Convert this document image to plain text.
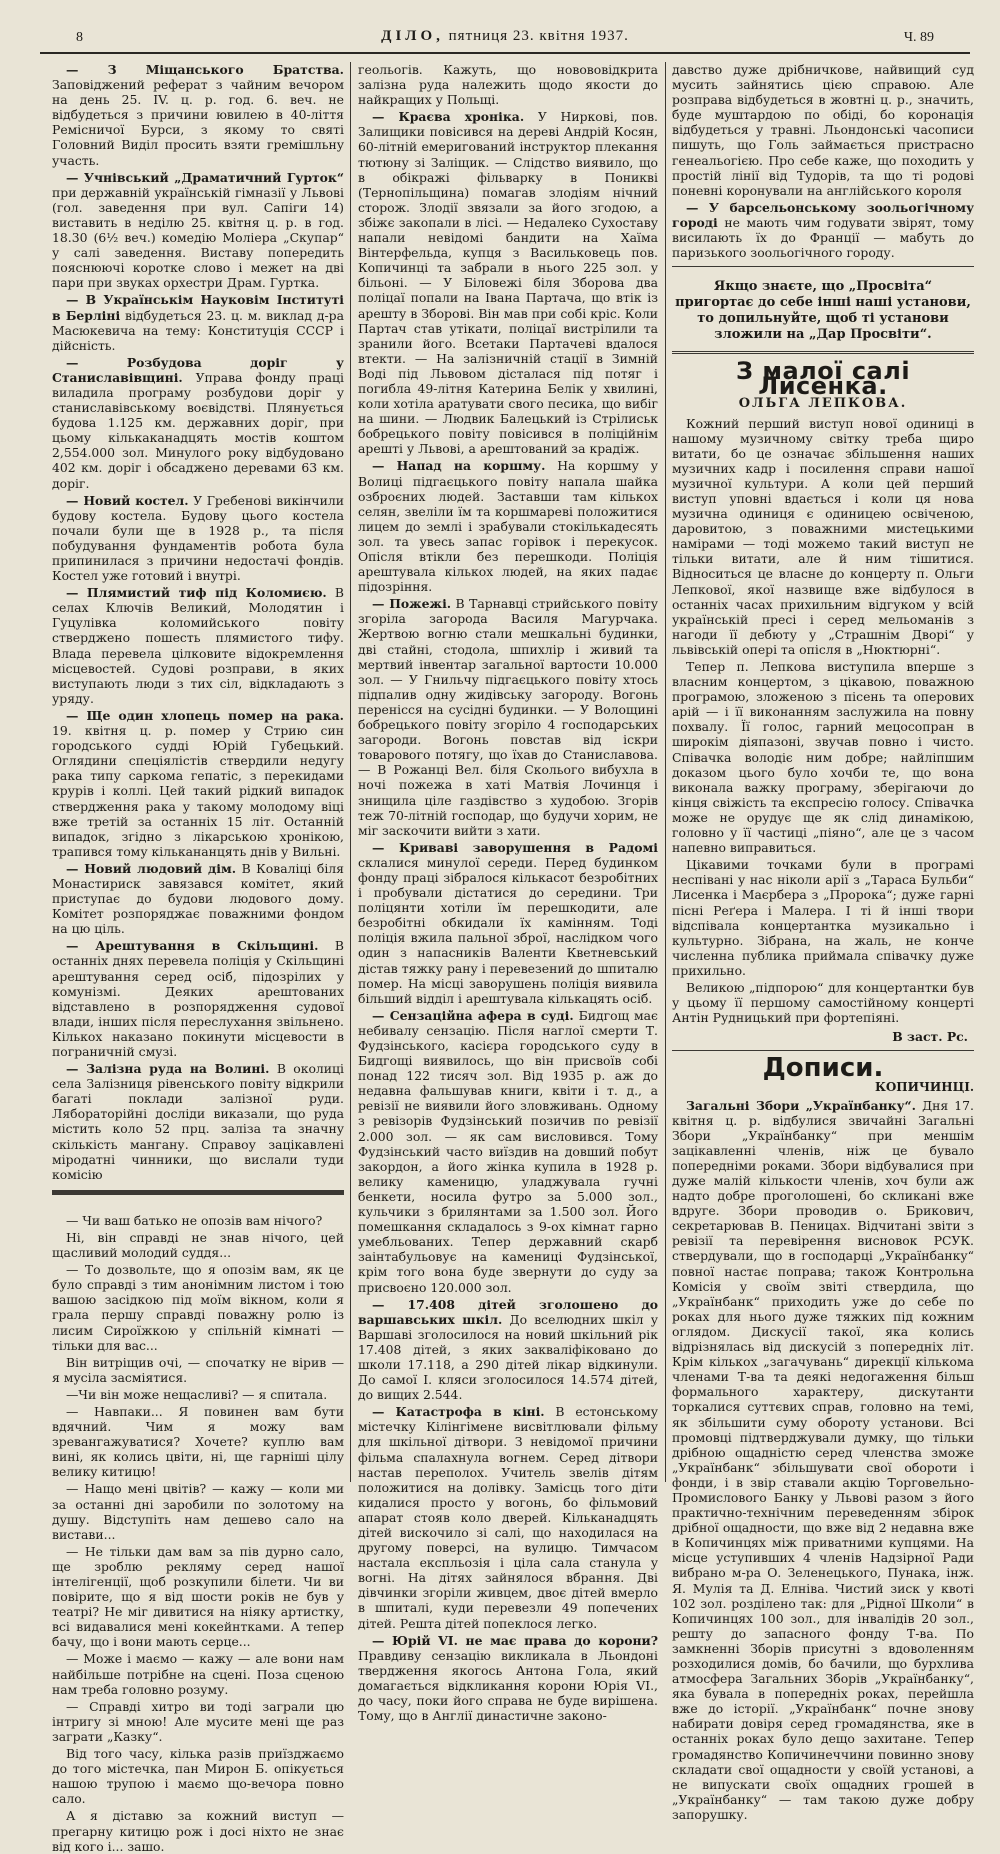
8	ДІЛО, пятниця 23. квітня 1937.	Ч. 89

— З Міщанського Братства. Заповіджений реферат з чайним вечором на день 25. IV. ц. р. год. 6. веч. не відбудеться з причини ювилею в 40-ліття Ремісничої Бурси, з якому то святі Головний Виділ просить взяти гремішльну участь.

— Учнівський „Драматичний Гурток“ при державній українській гімназії у Львові (гол. заведення при вул. Сапіги 14) виставить в неділю 25. квітня ц. р. в год. 18.30 (6½ веч.) комедію Моліера „Скупар“ у салі заведення. Виставу попередить пояснюючі коротке слово і межет на дві пари при звуках орхестри Драм. Гуртка.

— В Українськім Науковім Інституті в Берліні відбудеться 23. ц. м. виклад д-ра Масюкевича на тему: Конституція СССР і дійсність.

— Розбудова доріг у Станиславівщині. Управа фонду праці виладила програму розбудови доріг у станиславівському воєвідстві. Плянується будова 1.125 км. державних доріг, при цьому кількаканадцять мостів коштом 2,554.000 зол. Минулого року відбудовано 402 км. доріг і обсаджено деревами 63 км. доріг.

— Новий костел. У Гребенові викінчили будову костела. Будову цього костела почали були ще в 1928 р., та після побудування фундаментів робота була припинилася з причини недостачі фондів. Костел уже готовий і внутрі.

— Плямистий тиф під Коломиєю. В селах Ключів Великий, Молодятин і Гуцулівка коломийського повіту стверджено пошесть плямистого тифу. Влада перевела цілковите відокремлення місцевостей. Судові розправи, в яких виступають люди з тих сіл, відкладають з уряду.

— Ще один хлопець помер на рака. 19. квітня ц. р. помер у Стрию син городського судді Юрій Губецький. Оглядини спеціялістів ствердили недугу рака типу саркома гепатіс, з перекидами крурів і коллі. Цей такий рідкий випадок ствердження рака у такому молодому віці вже третій за останніх 15 літ. Останній випадок, згідно з лікарською хронікою, трапився тому кількананцять днів у Вильні.

— Новий людовий дім. В Коваліці біля Монастириск завязався комітет, який приступає до будови людового дому. Комітет розпоряджає поважними фондом на цю ціль.

— Арештування в Скільщині. В останніх днях перевела поліція у Скільщині арештування серед осіб, підозрілих у комунізмі. Деяких арештованих відставлено в розпорядження судової влади, інших після переслухання звільнено. Кількох наказано покинути місцевости в пограничній смузі.

— Залізна руда на Волині. В околиці села Залізниця рівенського повіту відкрили багаті поклади залізної руди. Лябораторійні досліди виказали, що руда містить коло 52 прц. заліза та значну скількість мангану. Справоу зацікавлені міродатні чинники, що вислали туди комісію

— Чи ваш батько не опозів вам нічого?

Ні, він справді не знав нічого, цей щасливий молодий суддя...

— То дозвольте, що я опозім вам, як це було справді з тим анонімним листом і тою вашою засідкою під моїм вікном, коли я грала першу справді поважну ролю із лисим Сироїжкою у спільній кімнаті — тільки для вас...

Він витріщив очі, — спочатку не вірив — я мусіла засміятися.

—Чи він може нещасливі? — я спитала.

— Навпаки... Я повинен вам бути вдячний. Чим я можу вам зревангажуватися? Хочете? куплю вам вині, як колись цвіти, ні, ще гарніші цілу велику китицю!

— Нащо мені цвітів? — кажу — коли ми за останні дні заробили по золотому на душу. Відступіть нам дешево сало на вистави...

— Не тільки дам вам за пів дурно сало, ще зроблю рекляму серед нашої інтелігенції, щоб розкупили білети. Чи ви повірите, що я від шости років не був у театрі? Не міг дивитися на ніяку артистку, всі видавалися мені кокейнтками. А тепер бачу, що і вони мають серце...

— Може і маємо — кажу — але вони нам найбільше потрібне на сцені. Поза сценою нам треба головно розуму.

— Справді хитро ви тоді заграли цю інтригу зі мною! Але мусите мені ще раз заграти „Казку“.

Від того часу, кілька разів приїзджаємо до того містечка, пан Мирон Б. опікується нашою трупою і маємо що-вечора повно сало.

А я діставю за кожний виступ — прегарну китицю рож і досі ніхто не знає від кого і... зашо.

геольогів. Кажуть, що новововідкрита залізна руда належить щодо якости до найкращих у Польщі.

— Краєва хроніка. У Ниркові, пов. Залищики повісився на дереві Андрій Косян, 60-літній емеригований інструктор плекання тютюну зі Заліщик. — Слідство виявило, що в обікражі фільварку в Пониквi (Тернопільщина) помагав злодіям нічний сторож. Злодії звязали за його згодою, а збіжє закопали в лісі. — Недалеко Сухоставу напали невідомі бандити на Хаїма Вінтерфельда, купця з Васильковець пов. Копичинці та забрали в нього 225 зол. у більоні. — У Біловежі біля Зборова два поліцаї попали на Івана Партача, що втік із арешту в Зборові. Він мав при собі кріс. Коли Партач став утікати, поліцаї вистрілили та зранили його. Всетаки Партачеві вдалося втекти. — На залізничній стації в Зимній Воді під Львовом дісталася під потяг і погибла 49-літня Катерина Белік у хвилині, коли хотіла аратувати свого песика, що вибіг на шини. — Людвик Балецький із Стрілиськ бобрецького повіту повісився в поліційнім арешті у Львові, а арештований за крадіж.

— Напад на коршму. На коршму у Волиці підгаєцького повіту напала шайка озброєних людей. Заставши там кількох селян, звелiли їм та коршмареві положитися лицем до землі і зрабували стокількадесять зол. та увесь запас горівок і перекусок. Опісля втікли без перешкоди. Поліція арештувала кількох людей, на яких падає підозріння.

— Пожежі. В Тарнавці стрийського повіту згоріла загорода Василя Магурчака. Жертвою вогню стали мешкальні будинки, дві стайні, стодола, шпихлір і живий та мертвий інвентар загальної вартости 10.000 зол. — У Гнильчу підгаєцького повіту хтось підпалив одну жидівську загороду. Вогонь перенісся на сусідні будинки. — У Волощині бобрецького повіту згоріло 4 господарських загороди. Вогонь повстав від іскри товарового потягу, що їхав до Станиславова. — В Рожанці Вел. біля Сколього вибухла в ночі пожежа в хаті Матвія Лочинця і знищила ціле газдівство з худобою. Згорів теж 70-літній господар, що будучи хорим, не міг заскочити вийти з хати.

— Криваві заворушення в Радомі склалися минулої середи. Перед будинком фонду праці зібралося кількасот безробітних і пробували дістатися до середини. Три поліцянти хотіли їм перешкодити, але безробітні обкидали їх камінням. Тоді поліція вжила пальної зброї, наслідком чого один з напасників Валенти Кветневський дістав тяжку рану і перевезений до шпиталю помер. На місці заворушень поліція виявила більший відділ і арештувала кількацять осіб.

— Сензаційна афера в суді. Бидгощ має небивалу сензацію. Після наглої смерти Т. Фудзінського, касієра городського суду в Бидгощі виявилось, що він присвоїв собі понад 122 тисяч зол. Від 1935 р. аж до недавна фальшував книги, квіти і т. д., а ревізії не виявили його зловживань. Одному з ревізорів Фудзінський позичив по ревізії 2.000 зол. — як сам висловився. Тому Фудзінський часто виїздив на довший побут закордон, а його жінка купила в 1928 р. велику каменицю, уладжувала гучні бенкети, носила футро за 5.000 зол., кульчики з брилянтами за 1.500 зол. Його помешкання складалось з 9-ох кімнат гарно умебльованих. Тепер державний скарб заінтабульовує на камениці Фудзінської, крім того вона буде звернути до суду за присвоєно 120.000 зол.

— 17.408 дітей зголошено до варшавських шкіл. До вселюдних шкіл у Варшаві зголосилося на новий шкільний рік 17.408 дітей, з яких закваліфіковано до школи 17.118, а 290 дітей лікар відкинули. До самої І. кляси зголосилося 14.574 дітей, до вищих 2.544.

— Катастрофа в кіні. В естонському містечку Кілінгімене висвітлювали фільму для шкільної дітвори. З невідомої причини фільма спалахнула вогнем. Серед дітвори настав переполох. Учитель звелів дітям положитися на долівку. Замісць того діти кидалися просто у вогонь, бо фільмовий апарат стояв коло дверей. Кільканадцять дітей вискочило зі салі, що находилася на другому поверсі, на вулицю. Тимчасом настала експльозія і ціла сала станула у вогні. На дітях зайнялося вбрання. Дві дівчинки згоріли живцем, двоє дітей вмерло в шпиталі, куди перевезли 49 попечених дітей. Решта дітей попеклося легко.

— Юрій VI. не має права до корони? Правдиву сензацію викликала в Льондоні твердження якогось Антона Гола, який домагається відкликання корони Юрія VI., до часу, поки його справа не буде вирішена. Тому, що в Англії династичне законо-

давство дуже дрібничкове, найвищий суд мусить зайнятись цією справою. Але розправа відбудеться в жовтні ц. р., значить, буде муштардою по обіді, бо коронація відбудеться у травні. Льондонські часописи пишуть, що Голь займається пристрасно генеальогією. Про себе каже, що походить у простій лінії від Тудорів, та що ті родові поневні коронували на англійського короля

— У барсельонському зоольогічному городі не мають чим годувати звірят, тому висилають їх до Франції — мабуть до паризького зоольогічного городу.

Якщо знаєте, що „Просвіта“ пригортає до себе інші наші установи, то допильнуйте, щоб ті установи зложили на „Дар Просвіти“.
З малої салі Лисенка.
ОЛЬГА ЛЕПКОВА.

Кожний перший виступ нової одиниці в нашому музичному світку треба щиро витати, бо це означає збільшення наших музичних кадр і посилення справи нашої музичної культури. А коли цей перший виступ уповні вдається і коли ця нова музична одиниця є одиницею освіченою, даровитою, з поважними мистецькими намірами — тоді можемо такий виступ не тільки витати, але й ним тішитися. Відноситься це власне до концерту п. Ольги Лепкової, якої назвище вже відбулося в останніх часах прихильним відгуком у всій українській пресі і серед мельоманів з нагоди її дебюту у „Страшнім Дворі“ у львівській опері та опісля в „Нюктюрні“.

Тепер п. Лепкова виступила вперше з власним концертом, з цікавою, поважною програмою, зложеною з пісень та оперових арій — і її виконанням заслужила на повну похвалу. Її голос, гарний мецосопран в широкім діяпазоні, звучав повно і чисто. Співачка володіє ним добре; найліпшим доказом цього було хочби те, що вона виконала важку програму, зберігаючи до кінця свіжість та експресію голосу. Співачка може не орудує ще як слід динамікою, головно у її частиці „піяно“, але це з часом напевно виправиться.

Цікавими точками були в програмі неспівані у нас ніколи арії з „Тараса Бульби“ Лисенка і Маєрбера з „Пророка“; дуже гарні пісні Реґера і Малера. І ті й інші твори відспівала концертантка музикально і культурно. Зібрана, на жаль, не конче численна публика приймала співачку дуже прихильно.

Великою „підпорою“ для концертантки був у цьому її першому самостійному концерті Антін Рудницький при фортепіяні.

В заст. Рс.
Дописи.
КОПИЧИНЦІ.

Загальні Збори „Українбанку“. Дня 17. квітня ц. р. відбулися звичайні Загальні Збори „Українбанку“ при меншім зацікавленні членів, ніж це бувало попередніми роками. Збори відбувалися при дуже малій кількости членів, хоч були аж надто добре проголошені, бо скликані вже вдруге. Збори проводив о. Брикович, секретарював В. Пеницах. Відчитані звіти з ревізії та перевірення висновок РСУК. ствердували, що в господарці „Українбанку“ повної настає поправа; також Контрольна Комісія у своїм звіті ствердила, що „Українбанк“ приходить уже до себе по роках для нього дуже тяжких під кожним оглядом. Дискусії такої, яка колись відрізнялась від дискусій з попередніх літ. Крім кількох „загачувань“ дирекції кількома членами Т-ва та деякі недогаження більш формального характеру, дискутанти торкалися суттєвих справ, головно на темі, як збільшити суму обороту установи. Всі промовці підтверджували думку, що тільки дрібною ощадністю серед членства зможе „Українбанк“ збільшувати свої обороти і фонди, і в звір ставали акцію Торговельно-Промислового Банку у Львові разом з його практично-технічним переведенням збірок дрібної ощадности, що вже від 2 недавна вже в Копичинцях між приватними купцями. На місце уступивших 4 членів Надзірної Ради вибрано м-ра О. Зеленецького, Пунака, інж. Я. Мулія та Д. Елніва. Чистий зиск у квоті 102 зол. розділено так: для „Рідної Школи“ в Копичинцях 100 зол., для інвалідів 20 зол., решту до запасного фонду Т-ва. По замкненні Зборів присутні з вдоволенням розходилися домів, бо бачили, що бурхлива атмосфера Загальних Зборів „Українбанку“, яка бувала в попередніх роках, перейшла вже до історії. „Українбанк“ почне знову набирати довіря серед громадянства, яке в останніх роках було дещо захитане. Тепер громадянство Копичинеччини повинно знову складати свої ощадности у своїй установі, а не випускати своїх ощадних грошей в „Українбанку“ — там такою дуже добру запорушку.
